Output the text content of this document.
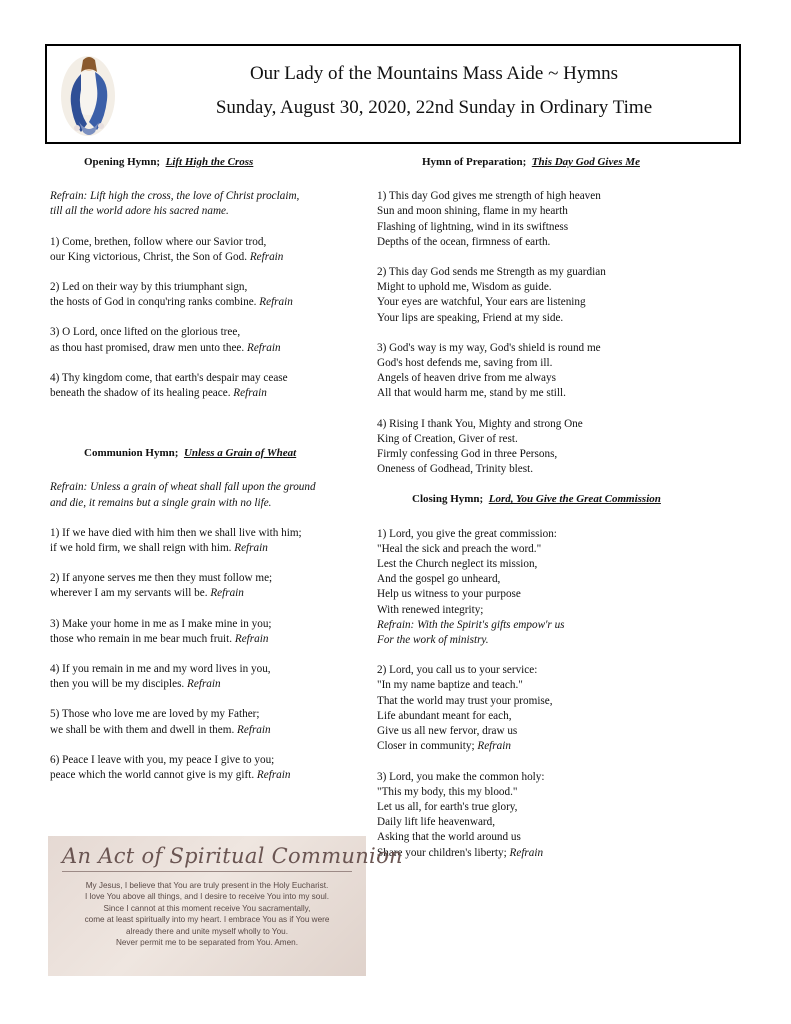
Our Lady of the Mountains Mass Aide ~ Hymns
Sunday, August 30, 2020, 22nd Sunday in Ordinary Time
Opening Hymn; Lift High the Cross
Refrain: Lift high the cross, the love of Christ proclaim,
till all the world adore his sacred name.
1) Come, brethen, follow where our Savior trod,
our King victorious, Christ, the Son of God. Refrain
2) Led on their way by this triumphant sign,
the hosts of God in conqu'ring ranks combine. Refrain
3) O Lord, once lifted on the glorious tree,
as thou hast promised, draw men unto thee. Refrain
4) Thy kingdom come, that earth's despair may cease
beneath the shadow of its healing peace. Refrain
Communion Hymn; Unless a Grain of Wheat
Refrain: Unless a grain of wheat shall fall upon the ground
and die, it remains but a single grain with no life.
1) If we have died with him then we shall live with him;
if we hold firm, we shall reign with him. Refrain
2) If anyone serves me then they must follow me;
wherever I am my servants will be. Refrain
3) Make your home in me as I make mine in you;
those who remain in me bear much fruit. Refrain
4) If you remain in me and my word lives in you,
then you will be my disciples. Refrain
5) Those who love me are loved by my Father;
we shall be with them and dwell in them. Refrain
6) Peace I leave with you, my peace I give to you;
peace which the world cannot give is my gift. Refrain
Hymn of Preparation; This Day God Gives Me
1) This day God gives me strength of high heaven
Sun and moon shining, flame in my hearth
Flashing of lightning, wind in its swiftness
Depths of the ocean, firmness of earth.
2) This day God sends me Strength as my guardian
Might to uphold me, Wisdom as guide.
Your eyes are watchful, Your ears are listening
Your lips are speaking, Friend at my side.
3) God's way is my way, God's shield is round me
God's host defends me, saving from ill.
Angels of heaven drive from me always
All that would harm me, stand by me still.
4) Rising I thank You, Mighty and strong One
King of Creation, Giver of rest.
Firmly confessing God in three Persons,
Oneness of Godhead, Trinity blest.
Closing Hymn; Lord, You Give the Great Commission
1) Lord, you give the great commission:
"Heal the sick and preach the word."
Lest the Church neglect its mission,
And the gospel go unheard,
Help us witness to your purpose
With renewed integrity;
Refrain: With the Spirit's gifts empow'r us
For the work of ministry.
2) Lord, you call us to your service:
"In my name baptize and teach."
That the world may trust your promise,
Life abundant meant for each,
Give us all new fervor, draw us
Closer in community; Refrain
3) Lord, you make the common holy:
"This my body, this my blood."
Let us all, for earth's true glory,
Daily lift life heavenward,
Asking that the world around us
Share your children's liberty; Refrain
An Act of Spiritual Communion
My Jesus, I believe that You are truly present in the Holy Eucharist.
I love You above all things, and I desire to receive You into my soul.
Since I cannot at this moment receive You sacramentally,
come at least spiritually into my heart. I embrace You as if You were
already there and unite myself wholly to You.
Never permit me to be separated from You. Amen.
